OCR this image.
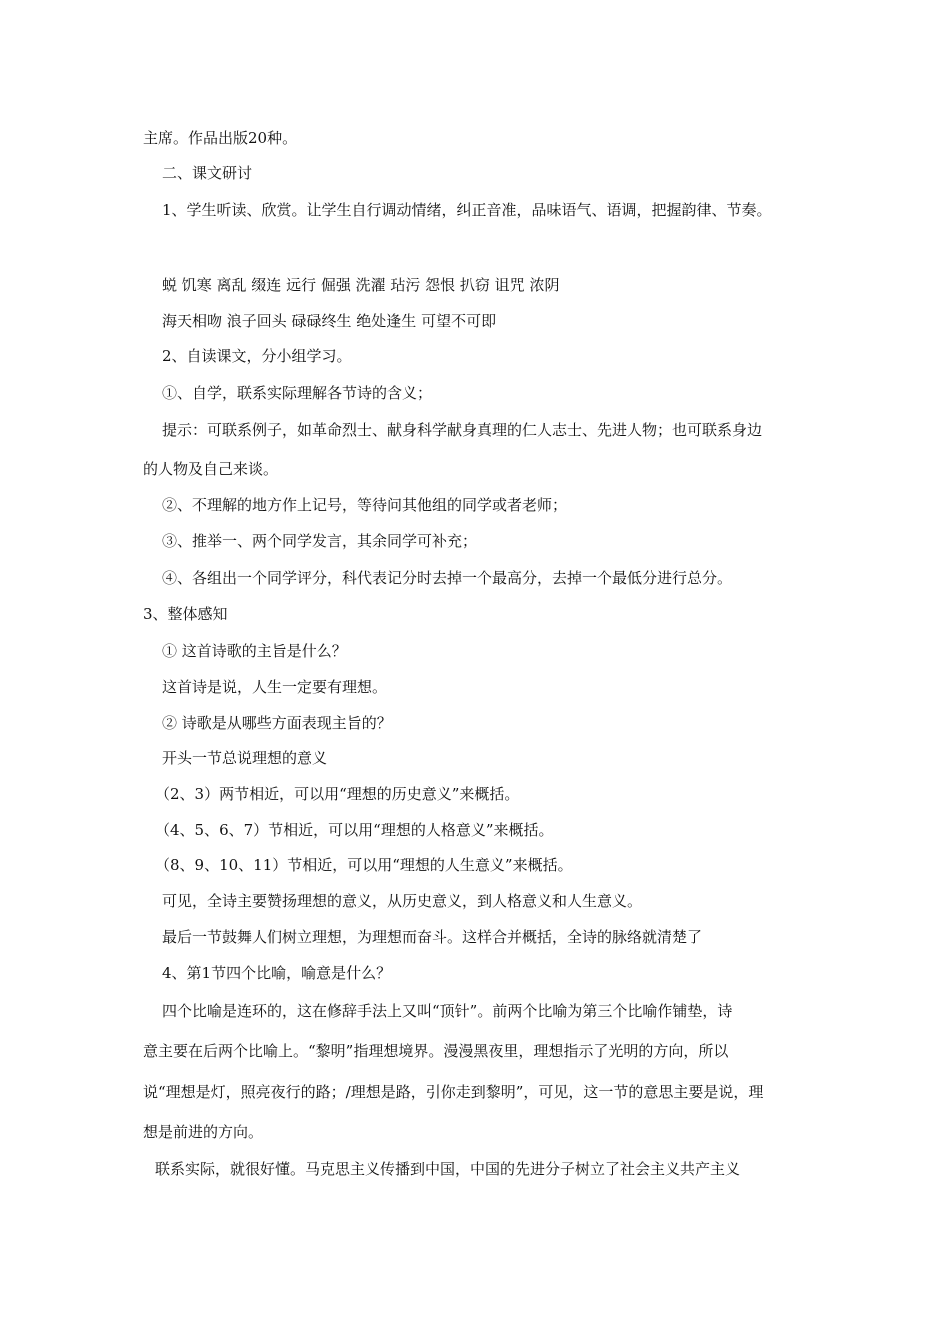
主席。作品出版20种。
二、课文研讨
1、学生听读、欣赏。让学生自行调动情绪，纠正音准，品味语气、语调，把握韵律、节奏。
蜕 饥寒 离乱 缀连 远行 倔强 洗濯 玷污 怨恨 扒窃 诅咒 浓阴
海天相吻 浪子回头 碌碌终生 绝处逢生 可望不可即
2、自读课文，分小组学习。
①、自学，联系实际理解各节诗的含义；
提示：可联系例子，如革命烈士、献身科学献身真理的仁人志士、先进人物；也可联系身边
的人物及自己来谈。
②、不理解的地方作上记号，等待问其他组的同学或者老师；
③、推举一、两个同学发言，其余同学可补充；
④、各组出一个同学评分，科代表记分时去掉一个最高分，去掉一个最低分进行总分。
3、整体感知
① 这首诗歌的主旨是什么？
这首诗是说，人生一定要有理想。
② 诗歌是从哪些方面表现主旨的？
开头一节总说理想的意义
（2、3）两节相近，可以用“理想的历史意义”来概括。
（4、5、6、7）节相近，可以用“理想的人格意义”来概括。
（8、9、10、11）节相近，可以用“理想的人生意义”来概括。
可见，全诗主要赞扬理想的意义，从历史意义，到人格意义和人生意义。
最后一节鼓舞人们树立理想，为理想而奋斗。这样合并概括，全诗的脉络就清楚了
4、第1节四个比喻，喻意是什么？
四个比喻是连环的，这在修辞手法上又叫“顶针”。前两个比喻为第三个比喻作铺垫，诗
意主要在后两个比喻上。“黎明”指理想境界。漫漫黑夜里，理想指示了光明的方向，所以
说“理想是灯，照亮夜行的路；/理想是路，引你走到黎明”，可见，这一节的意思主要是说，理
想是前进的方向。
联系实际，就很好懂。马克思主义传播到中国，中国的先进分子树立了社会主义共产主义
